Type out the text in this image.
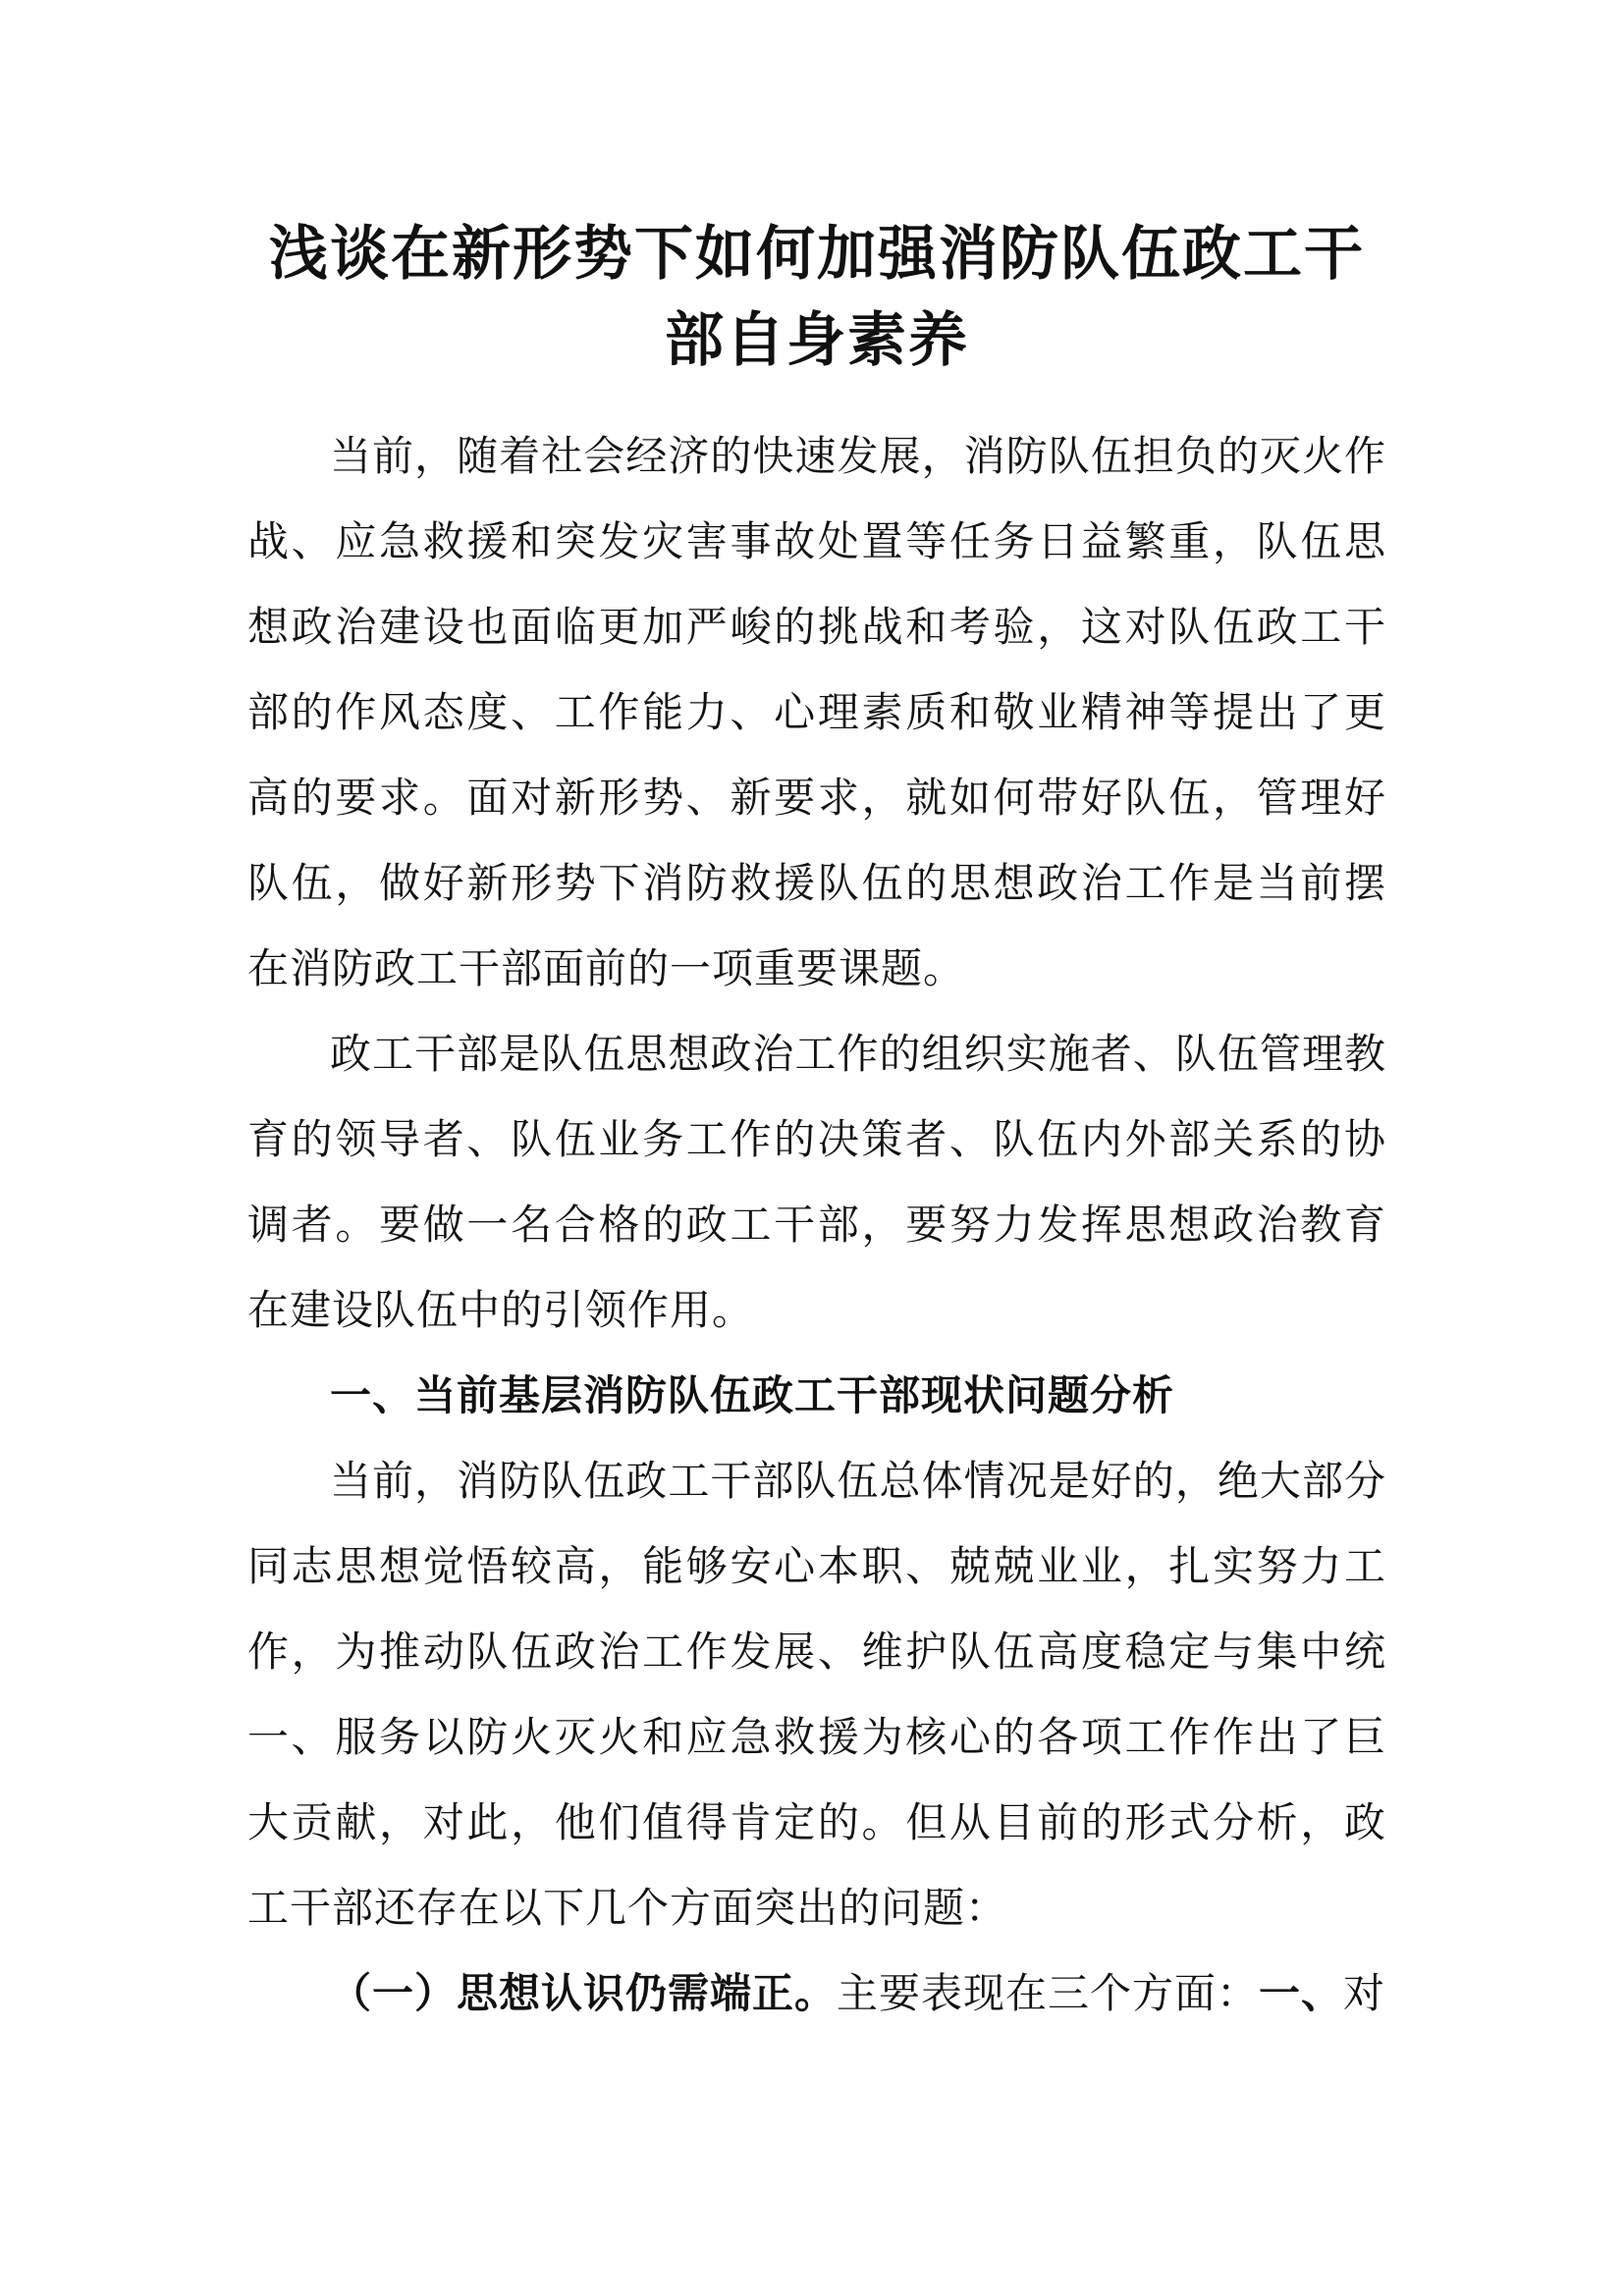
浅谈在新形势下如何加强消防队伍政工干
部自身素养

当前，随着社会经济的快速发展，消防队伍担负的灭火作战、应急救援和突发灾害事故处置等任务日益繁重，队伍思想政治建设也面临更加严峻的挑战和考验，这对队伍政工干部的作风态度、工作能力、心理素质和敬业精神等提出了更高的要求。面对新形势、新要求，就如何带好队伍，管理好队伍，做好新形势下消防救援队伍的思想政治工作是当前摆在消防政工干部面前的一项重要课题。

政工干部是队伍思想政治工作的组织实施者、队伍管理教育的领导者、队伍业务工作的决策者、队伍内外部关系的协调者。要做一名合格的政工干部，要努力发挥思想政治教育在建设队伍中的引领作用。

一、当前基层消防队伍政工干部现状问题分析

当前，消防队伍政工干部队伍总体情况是好的，绝大部分同志思想觉悟较高，能够安心本职、兢兢业业，扎实努力工作，为推动队伍政治工作发展、维护队伍高度稳定与集中统一、服务以防火灭火和应急救援为核心的各项工作作出了巨大贡献，对此，他们值得肯定的。但从目前的形式分析，政工干部还存在以下几个方面突出的问题：

（一）思想认识仍需端正。主要表现在三个方面：一、对
